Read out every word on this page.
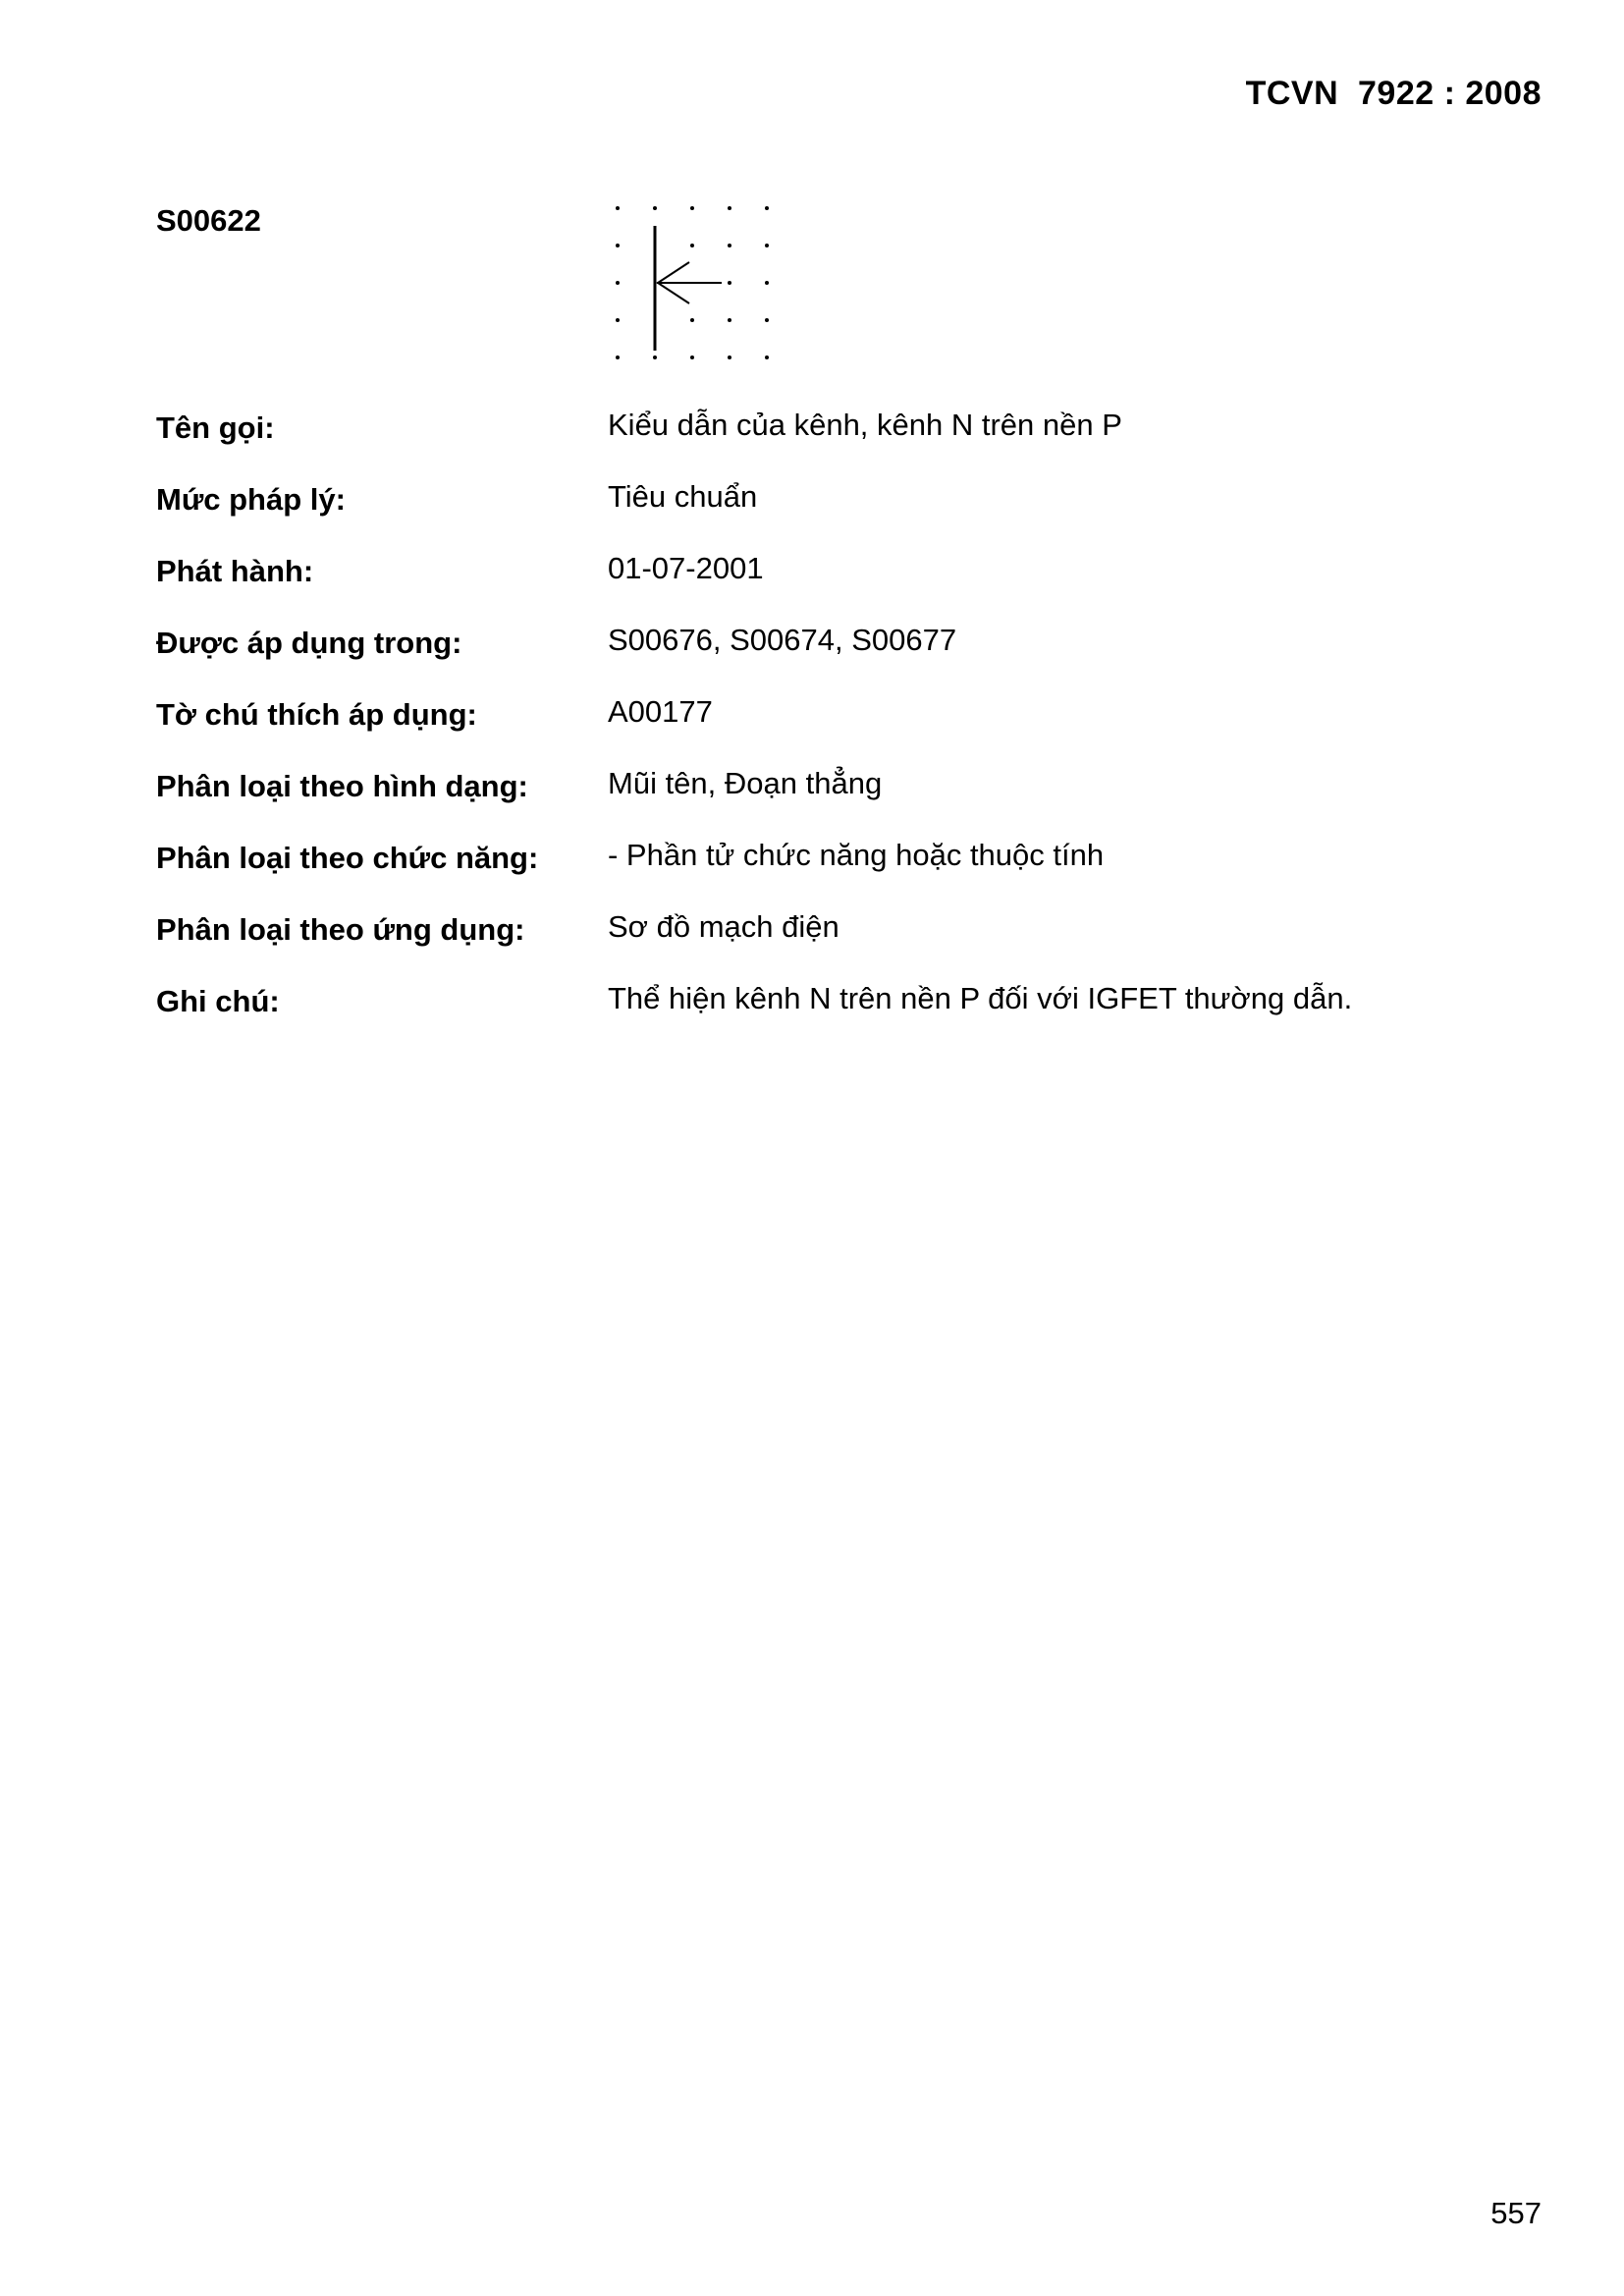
TCVN  7922 : 2008
S00622
Tên gọi:	Kiểu dẫn của kênh, kênh N trên nền P
Mức pháp lý:	Tiêu chuẩn
Phát hành:	01-07-2001
Được áp dụng trong:	S00676, S00674, S00677
Tờ chú thích áp dụng:	A00177
Phân loại theo hình dạng:	Mũi tên, Đoạn thẳng
Phân loại theo chức năng: - Phần tử chức năng hoặc thuộc tính
Phân loại theo ứng dụng:	Sơ đồ mạch điện
Ghi chú:	Thể hiện kênh N trên nền P đối với IGFET thường dẫn.
557
